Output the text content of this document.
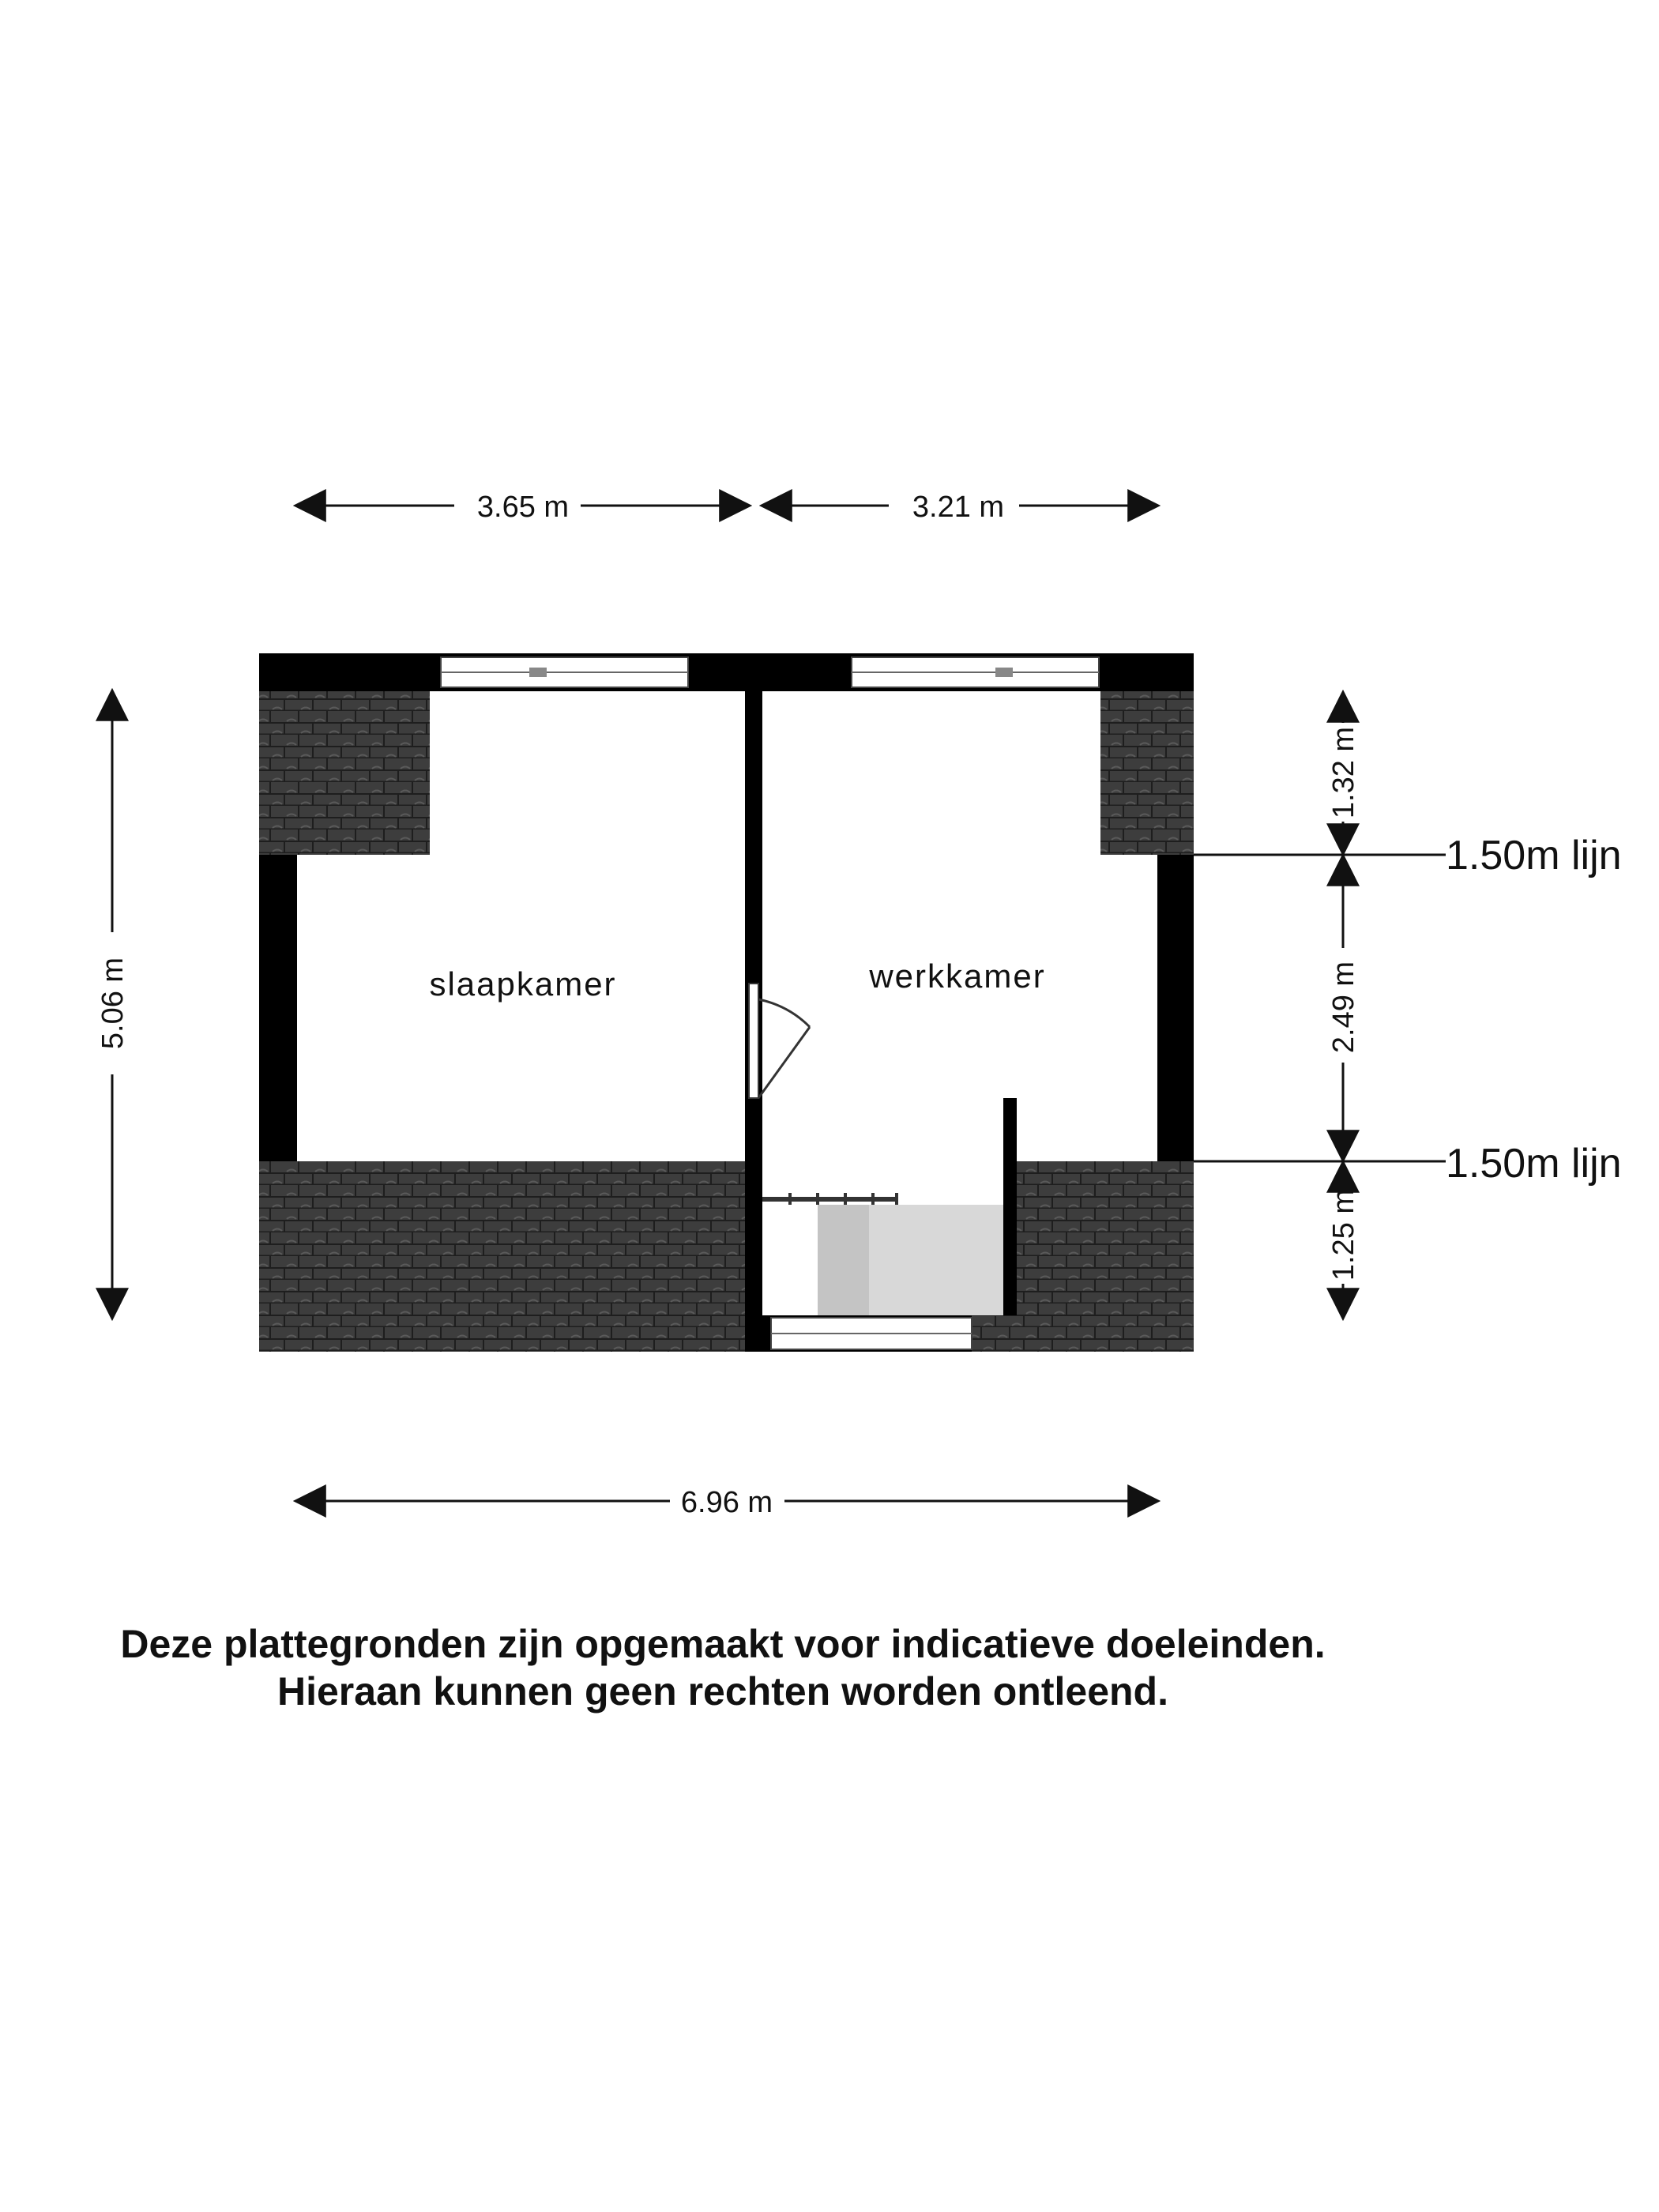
3.65 m	3.21 m
5.06 m	slaapkamer	werkkamer
1.50m lijn
1.50m lijn
1.32 m
2.49 m
1.25 m
6.96 m
Deze plattegronden zijn opgemaakt voor indicatieve doeleinden.
Hieraan kunnen geen rechten worden ontleend.
